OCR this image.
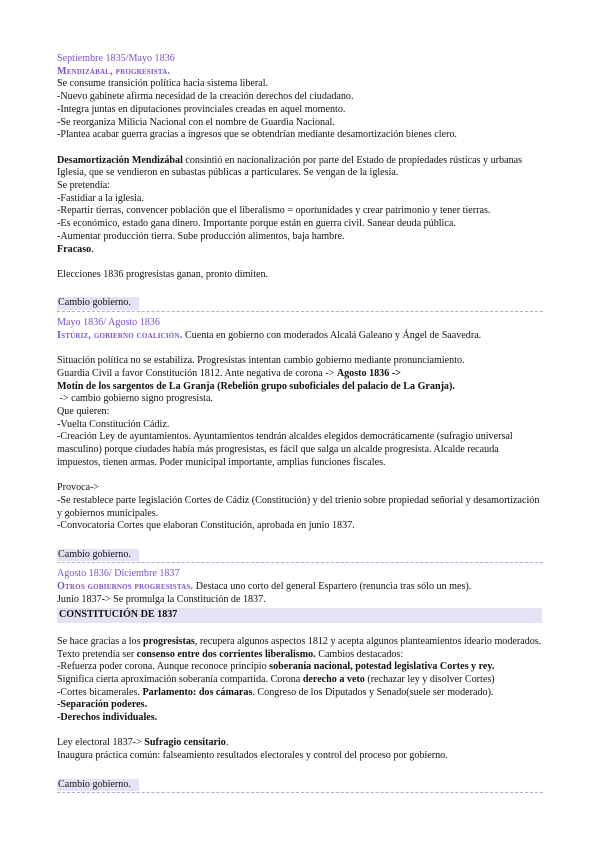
Septiembre 1835/Mayo 1836

Mendizábal, progresista.

Se consume transición política hacia sistema liberal.

-Nuevo gabinete afirma necesidad de la creación derechos del ciudadano.

-Integra juntas en diputaciones provinciales creadas en aquel momento.

-Se reorganiza Milicia Nacional con el nombre de Guardia Nacional.

-Plantea acabar guerra gracias a ingresos que se obtendrían mediante desamortización bienes clero.

Desamortización Mendizábal consintió en nacionalización por parte del Estado de propiedades rústicas y urbanas Iglesia, que se vendieron en subastas públicas a particulares. Se vengan de la iglesia.

Se pretendía:

-Fastidiar a la iglesia.

-Repartir tierras, convencer población que el liberalismo = oportunidades y crear patrimonio y tener tierras.

-Es económico, estado gana dinero. Importante porque están en guerra civil. Sanear deuda pública.

-Aumentar producción tierra. Sube producción alimentos, baja hambre.

Fracaso.

Elecciones 1836 progresistas ganan, pronto dimiten.

Cambio gobierno.

Mayo 1836/ Agosto 1836

Istúriz, gobierno coalición. Cuenta en gobierno con moderados Alcalá Galeano y Ángel de Saavedra.

Situación política no se estabiliza. Progresistas intentan cambio gobierno mediante pronunciamiento.

Guardia Civil a favor Constitución 1812. Ante negativa de corona -> Agosto 1836 ->

Motín de los sargentos de La Granja (Rebelión grupo suboficiales del palacio de La Granja).

-> cambio gobierno signo progresista.

Que quieren:

-Vuelta Constitución Cádiz.

-Creación Ley de ayuntamientos. Ayuntamientos tendrán alcaldes elegidos democráticamente (sufragio universal masculino) porque ciudades había más progresistas, es fácil que salga un alcalde progresista. Alcalde recauda impuestos, tienen armas. Poder municipal importante, amplias funciones fiscales.

Provoca->

-Se restablece parte legislación Cortes de Cádiz (Constitución) y del trienio sobre propiedad señorial y desamortización y gobiernos municipales.

-Convocatoria Cortes que elaboran Constitución, aprobada en junio 1837.

Cambio gobierno.

Agosto 1836/ Diciembre 1837

Otros gobiernos progresistas. Destaca uno corto del general Espartero (renuncia tras sólo un mes).

Junio 1837-> Se promulga la Constitución de 1837.

CONSTITUCIÓN DE 1837

Se hace gracias a los progresistas, recupera algunos aspectos 1812 y acepta algunos planteamientos ideario moderados. Texto pretendía ser consenso entre dos corrientes liberalismo. Cambios destacados:

-Refuerza poder corona. Aunque reconoce principio soberanía nacional, potestad legislativa Cortes y rey.

Significa cierta aproximación soberanía compartida. Corona derecho a veto (rechazar ley y disolver Cortes)

-Cortes bicamerales. Parlamento: dos cámaras. Congreso de los Diputados y Senado(suele ser moderado).

-Separación poderes.

-Derechos individuales.

Ley electoral 1837-> Sufragio censitario.

Inaugura práctica común: falseamiento resultados electorales y control del proceso por gobierno.

Cambio gobierno.
